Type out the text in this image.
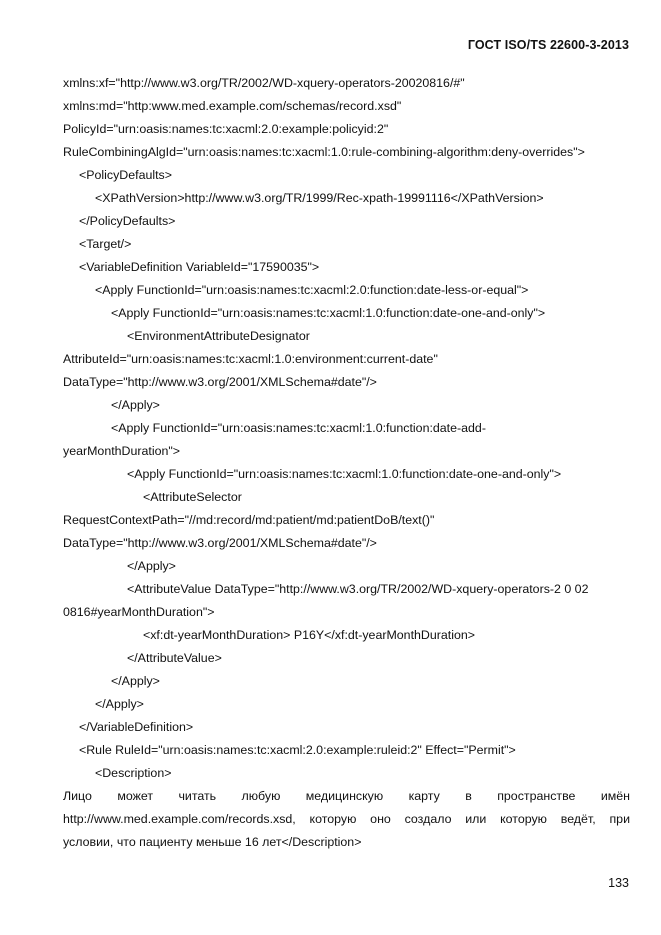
ГОСТ ISO/TS 22600-3-2013
xmlns:xf="http://www.w3.org/TR/2002/WD-xquery-operators-20020816/#"
xmlns:md="http:www.med.example.com/schemas/record.xsd"
PolicyId="urn:oasis:names:tc:xacml:2.0:example:policyid:2"
RuleCombiningAlgId="urn:oasis:names:tc:xacml:1.0:rule-combining-algorithm:deny-overrides">
<PolicyDefaults>
<XPathVersion>http://www.w3.org/TR/1999/Rec-xpath-19991116</XPathVersion>
</PolicyDefaults>
<Target/>
<VariableDefinition VariableId="17590035">
<Apply FunctionId="urn:oasis:names:tc:xacml:2.0:function:date-less-or-equal">
<Apply FunctionId="urn:oasis:names:tc:xacml:1.0:function:date-one-and-only">
<EnvironmentAttributeDesignator
AttributeId="urn:oasis:names:tc:xacml:1.0:environment:current-date"
DataType="http://www.w3.org/2001/XMLSchema#date"/>
</Apply>
<Apply FunctionId="urn:oasis:names:tc:xacml:1.0:function:date-add-
yearMonthDuration">
<Apply FunctionId="urn:oasis:names:tc:xacml:1.0:function:date-one-and-only">
<AttributeSelector
RequestContextPath="//md:record/md:patient/md:patientDoB/text()"
DataType="http://www.w3.org/2001/XMLSchema#date"/>
</Apply>
<AttributeValue DataType="http://www.w3.org/TR/2002/WD-xquery-operators-2 0 02
0816#yearMonthDuration">
<xf:dt-yearMonthDuration> P16Y</xf:dt-yearMonthDuration>
</AttributeValue>
</Apply>
</Apply>
</VariableDefinition>
<Rule RuleId="urn:oasis:names:tc:xacml:2.0:example:ruleid:2" Effect="Permit">
<Description>
Лицо может читать любую медицинскую карту в пространстве имён
http://www.med.example.com/records.xsd, которую оно создало или которую ведёт, при
условии, что пациенту меньше 16 лет</Description>
133
